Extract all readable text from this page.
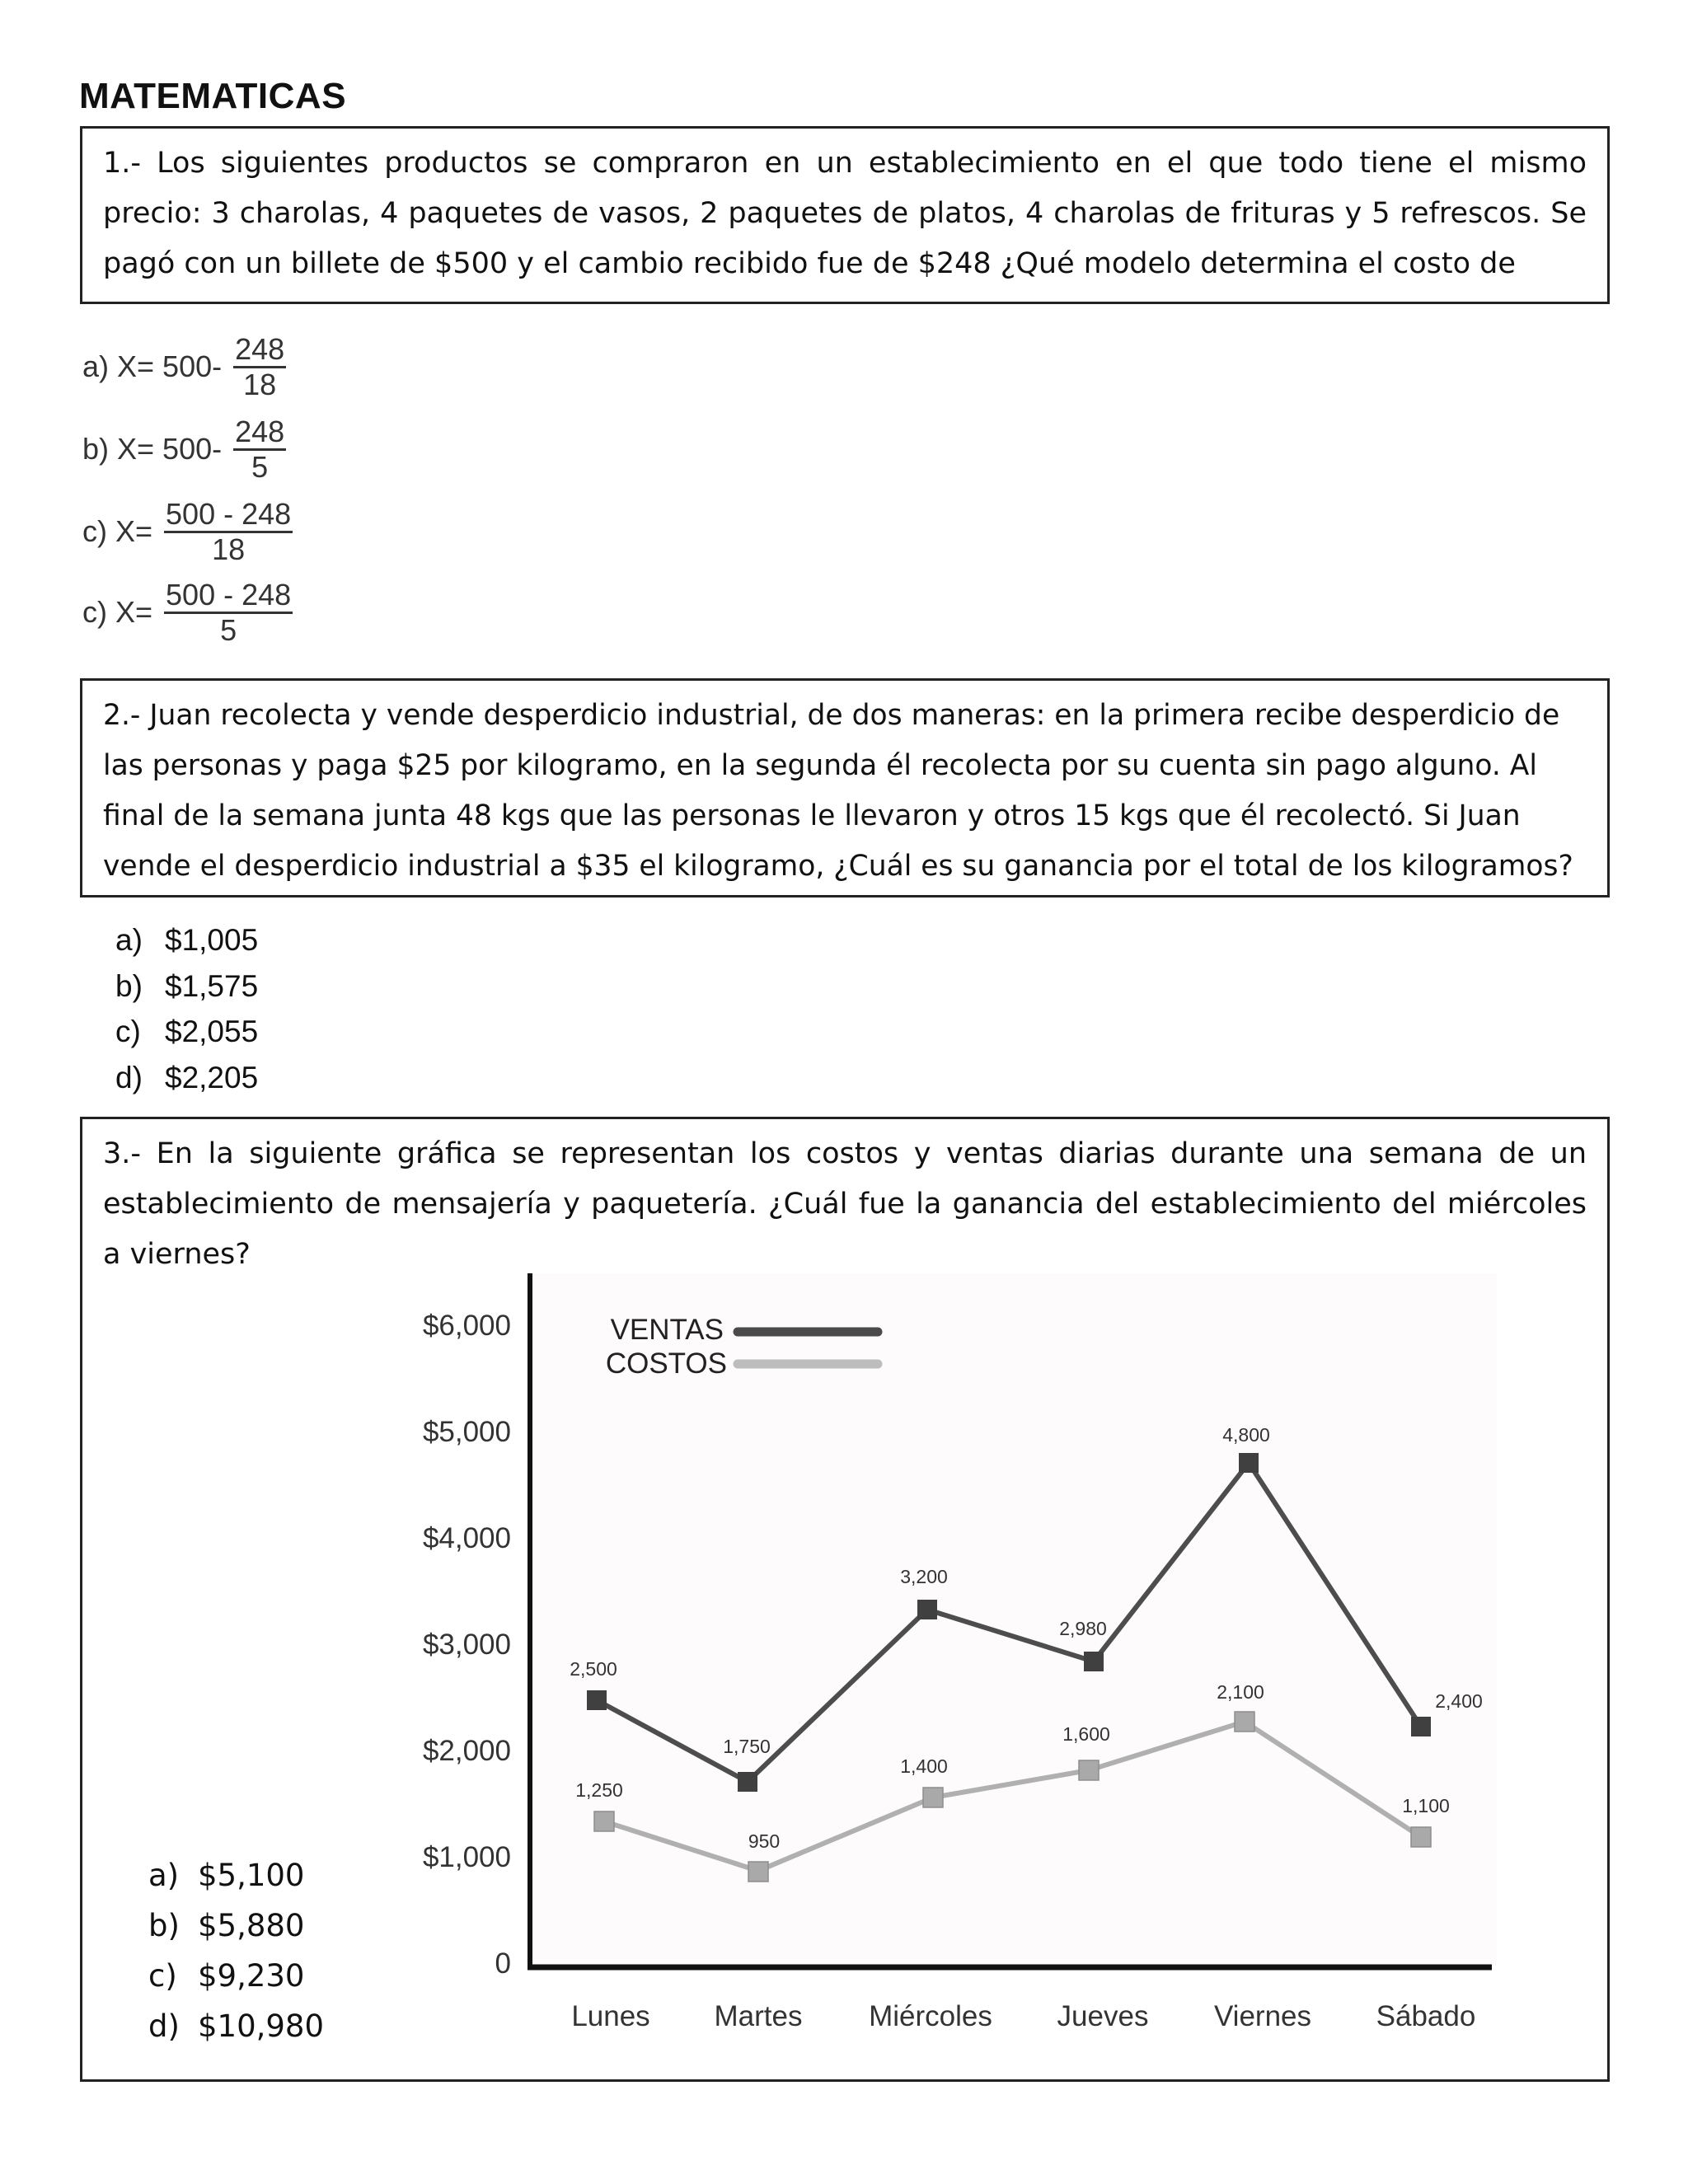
MATEMATICAS
1.- Los siguientes productos se compraron en un establecimiento en el que todo tiene el mismo precio: 3 charolas, 4 paquetes de vasos, 2 paquetes de platos, 4 charolas de frituras y 5 refrescos. Se pagó con un billete de $500 y el cambio recibido fue de $248 ¿Qué modelo determina el costo de
a) $X= 500- \frac{248}{18}$
b) $X= 500- \frac{248}{5}$
c) $X= \frac{500 - 248}{18}$
c) $X= \frac{500 - 248}{5}$
2.- Juan recolecta y vende desperdicio industrial, de dos maneras: en la primera recibe desperdicio de las personas y paga $25 por kilogramo, en la segunda él recolecta por su cuenta sin pago alguno. Al final de la semana junta 48 kgs que las personas le llevaron y otros 15 kgs que él recolectó. Si Juan vende el desperdicio industrial a $35 el kilogramo, ¿Cuál es su ganancia por el total de los kilogramos?
a) $1,005
b) $1,575
c) $2,055
d) $2,205
3.- En la siguiente gráfica se representan los costos y ventas diarias durante una semana de un establecimiento de mensajería y paquetería. ¿Cuál fue la ganancia del establecimiento del miércoles a viernes?
0
$1,000
$2,000
$3,000
$4,000
$5,000
$6,000	VENTAS
COSTOS
2,500
1,750
3,200
2,980
4,800
2,400
1,250
950
1,400
1,600
2,100
1,100
Lunes Martes Miércoles Jueves Viernes Sábado
a) $5,100
b) $5,880
c) $9,230
d) $10,980
